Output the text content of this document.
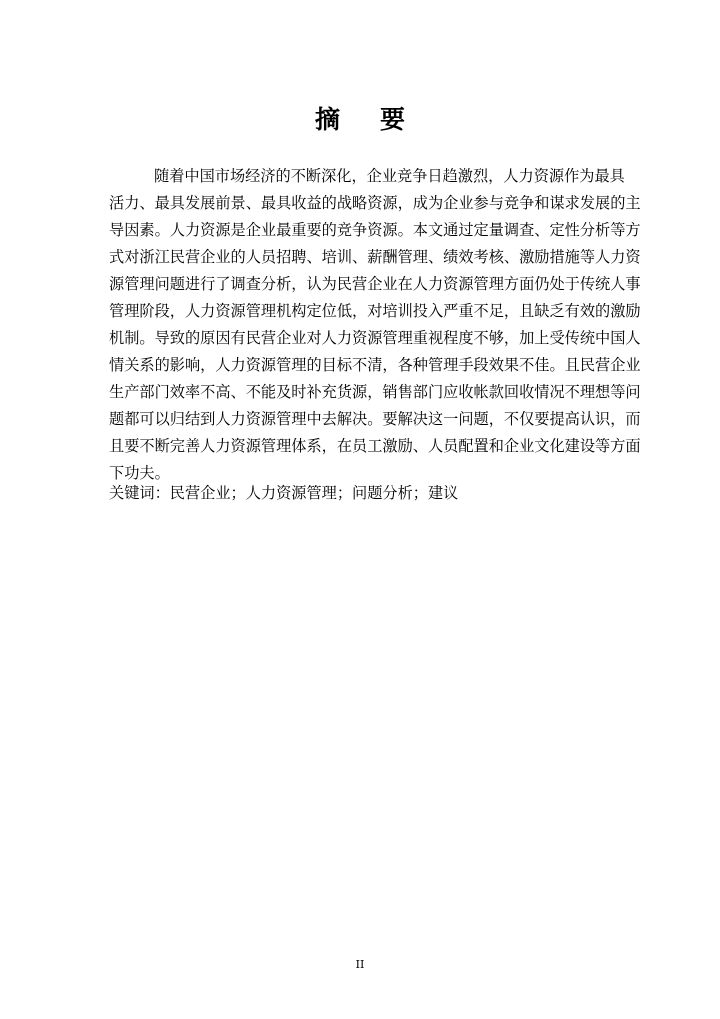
摘 要
随着中国市场经济的不断深化，企业竞争日趋激烈，人力资源作为最具
活力、最具发展前景、最具收益的战略资源，成为企业参与竞争和谋求发展的主
导因素。人力资源是企业最重要的竞争资源。本文通过定量调查、定性分析等方
式对浙江民营企业的人员招聘、培训、薪酬管理、绩效考核、激励措施等人力资
源管理问题进行了调查分析，认为民营企业在人力资源管理方面仍处于传统人事
管理阶段，人力资源管理机构定位低，对培训投入严重不足，且缺乏有效的激励
机制。导致的原因有民营企业对人力资源管理重视程度不够，加上受传统中国人
情关系的影响，人力资源管理的目标不清，各种管理手段效果不佳。且民营企业
生产部门效率不高、不能及时补充货源，销售部门应收帐款回收情况不理想等问
题都可以归结到人力资源管理中去解决。要解决这一问题，不仅要提高认识，而
且要不断完善人力资源管理体系，在员工激励、人员配置和企业文化建设等方面
下功夫。
关键词：民营企业；人力资源管理；问题分析；建议
II
